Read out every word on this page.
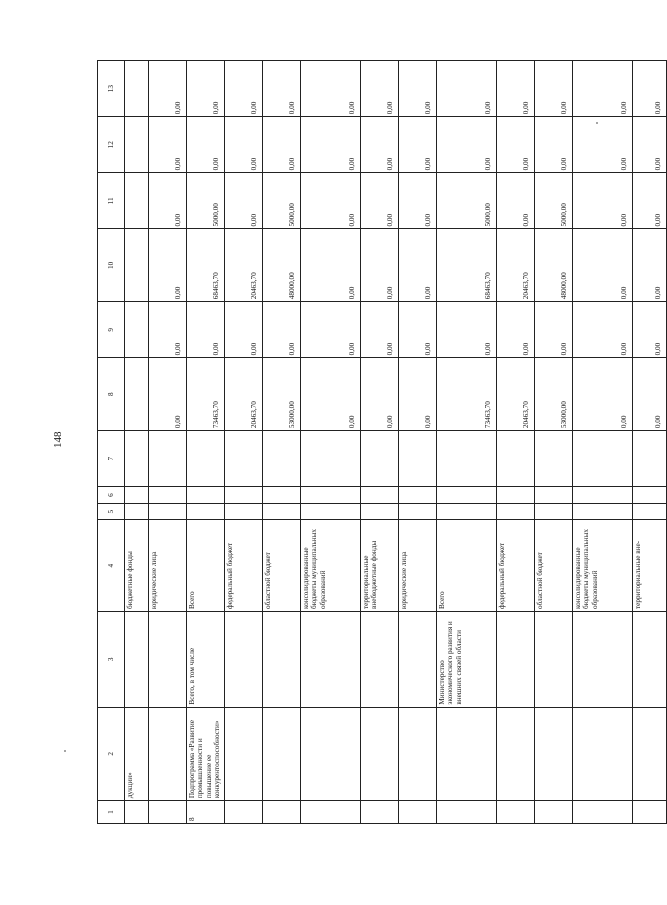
148
1	2	3	4	5	6	7	8	9	10	11	12	13
	дукции»		бюджетные фонды									
			юридические лица				0,00	0,00	0,00	0,00	0,00	0,00
8	Подпрограмма «Развитие промышленности и повышение ее конкурентоспособности»	Всего, в том числе	Всего				73463,70	0,00	68463,70	5000,00	0,00	0,00
			федеральный бюджет				20463,70	0,00	20463,70	0,00	0,00	0,00
			областной бюджет				53000,00	0,00	48000,00	5000,00	0,00	0,00
			консолидированные бюджеты муниципальных образований				0,00	0,00	0,00	0,00	0,00	0,00
			территориальные внебюджетные фонды				0,00	0,00	0,00	0,00	0,00	0,00
			юридические лица				0,00	0,00	0,00	0,00	0,00	0,00
		Министерство экономического развития и внешних связей области	Всего				73463,70	0,00	68463,70	5000,00	0,00	0,00
			федеральный бюджет				20463,70	0,00	20463,70	0,00	0,00	0,00
			областной бюджет				53000,00	0,00	48000,00	5000,00	0,00	0,00
			консолидированные бюджеты муниципальных образований				0,00	0,00	0,00	0,00	0,00	0,00
			территориальные вне-				0,00	0,00	0,00	0,00	0,00	0,00
